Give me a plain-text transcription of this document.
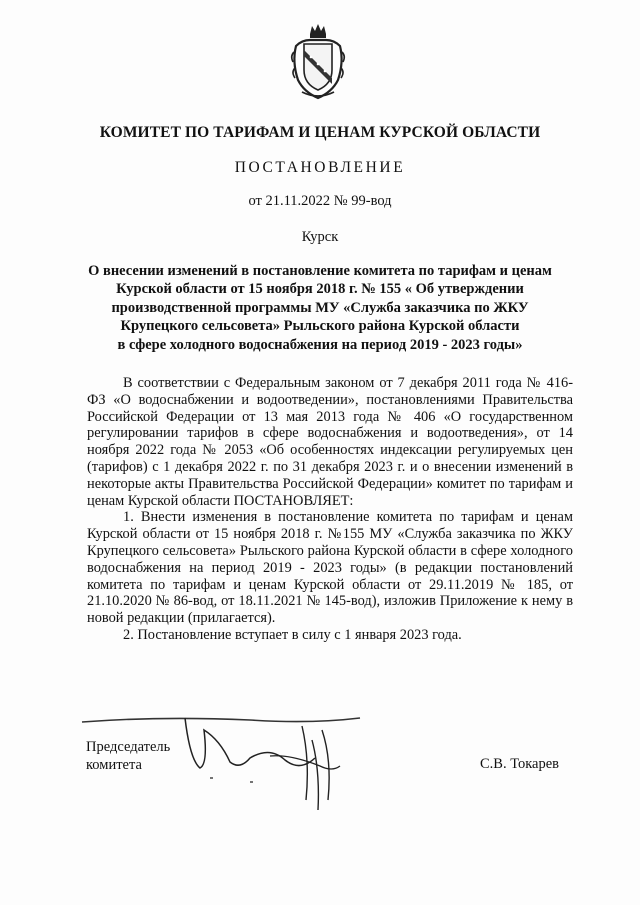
КОМИТЕТ ПО ТАРИФАМ И ЦЕНАМ КУРСКОЙ ОБЛАСТИ
ПОСТАНОВЛЕНИЕ
от 21.11.2022 № 99-вод
Курск
О внесении изменений в постановление комитета по тарифам и ценам
Курской области от 15 ноября 2018 г. № 155 « Об утверждении
производственной программы МУ «Служба заказчика по ЖКУ
Крупецкого сельсовета» Рыльского района Курской области
в сфере холодного водоснабжения на период 2019 - 2023 годы»

В соответствии с Федеральным законом от 7 декабря 2011 года № 416-ФЗ «О водоснабжении и водоотведении», постановлениями Правительства Российской Федерации от 13 мая 2013 года № 406 «О государственном регулировании тарифов в сфере водоснабжения и водоотведения», от 14 ноября 2022 года № 2053 «Об особенностях индексации регулируемых цен (тарифов) с 1 декабря 2022 г. по 31 декабря 2023 г. и о внесении изменений в некоторые акты Правительства Российской Федерации» комитет по тарифам и ценам Курской области ПОСТАНОВЛЯЕТ:

1. Внести изменения в постановление комитета по тарифам и ценам Курской области от 15 ноября 2018 г. №155 МУ «Служба заказчика по ЖКУ Крупецкого сельсовета» Рыльского района Курской области в сфере холодного водоснабжения на период 2019 - 2023 годы» (в редакции постановлений комитета по тарифам и ценам Курской области от 29.11.2019 № 185, от 21.10.2020 № 86-вод, от 18.11.2021 № 145-вод), изложив Приложение к нему в новой редакции (прилагается).

2. Постановление вступает в силу с 1 января 2023 года.

Председатель
комитета	С.В. Токарев
